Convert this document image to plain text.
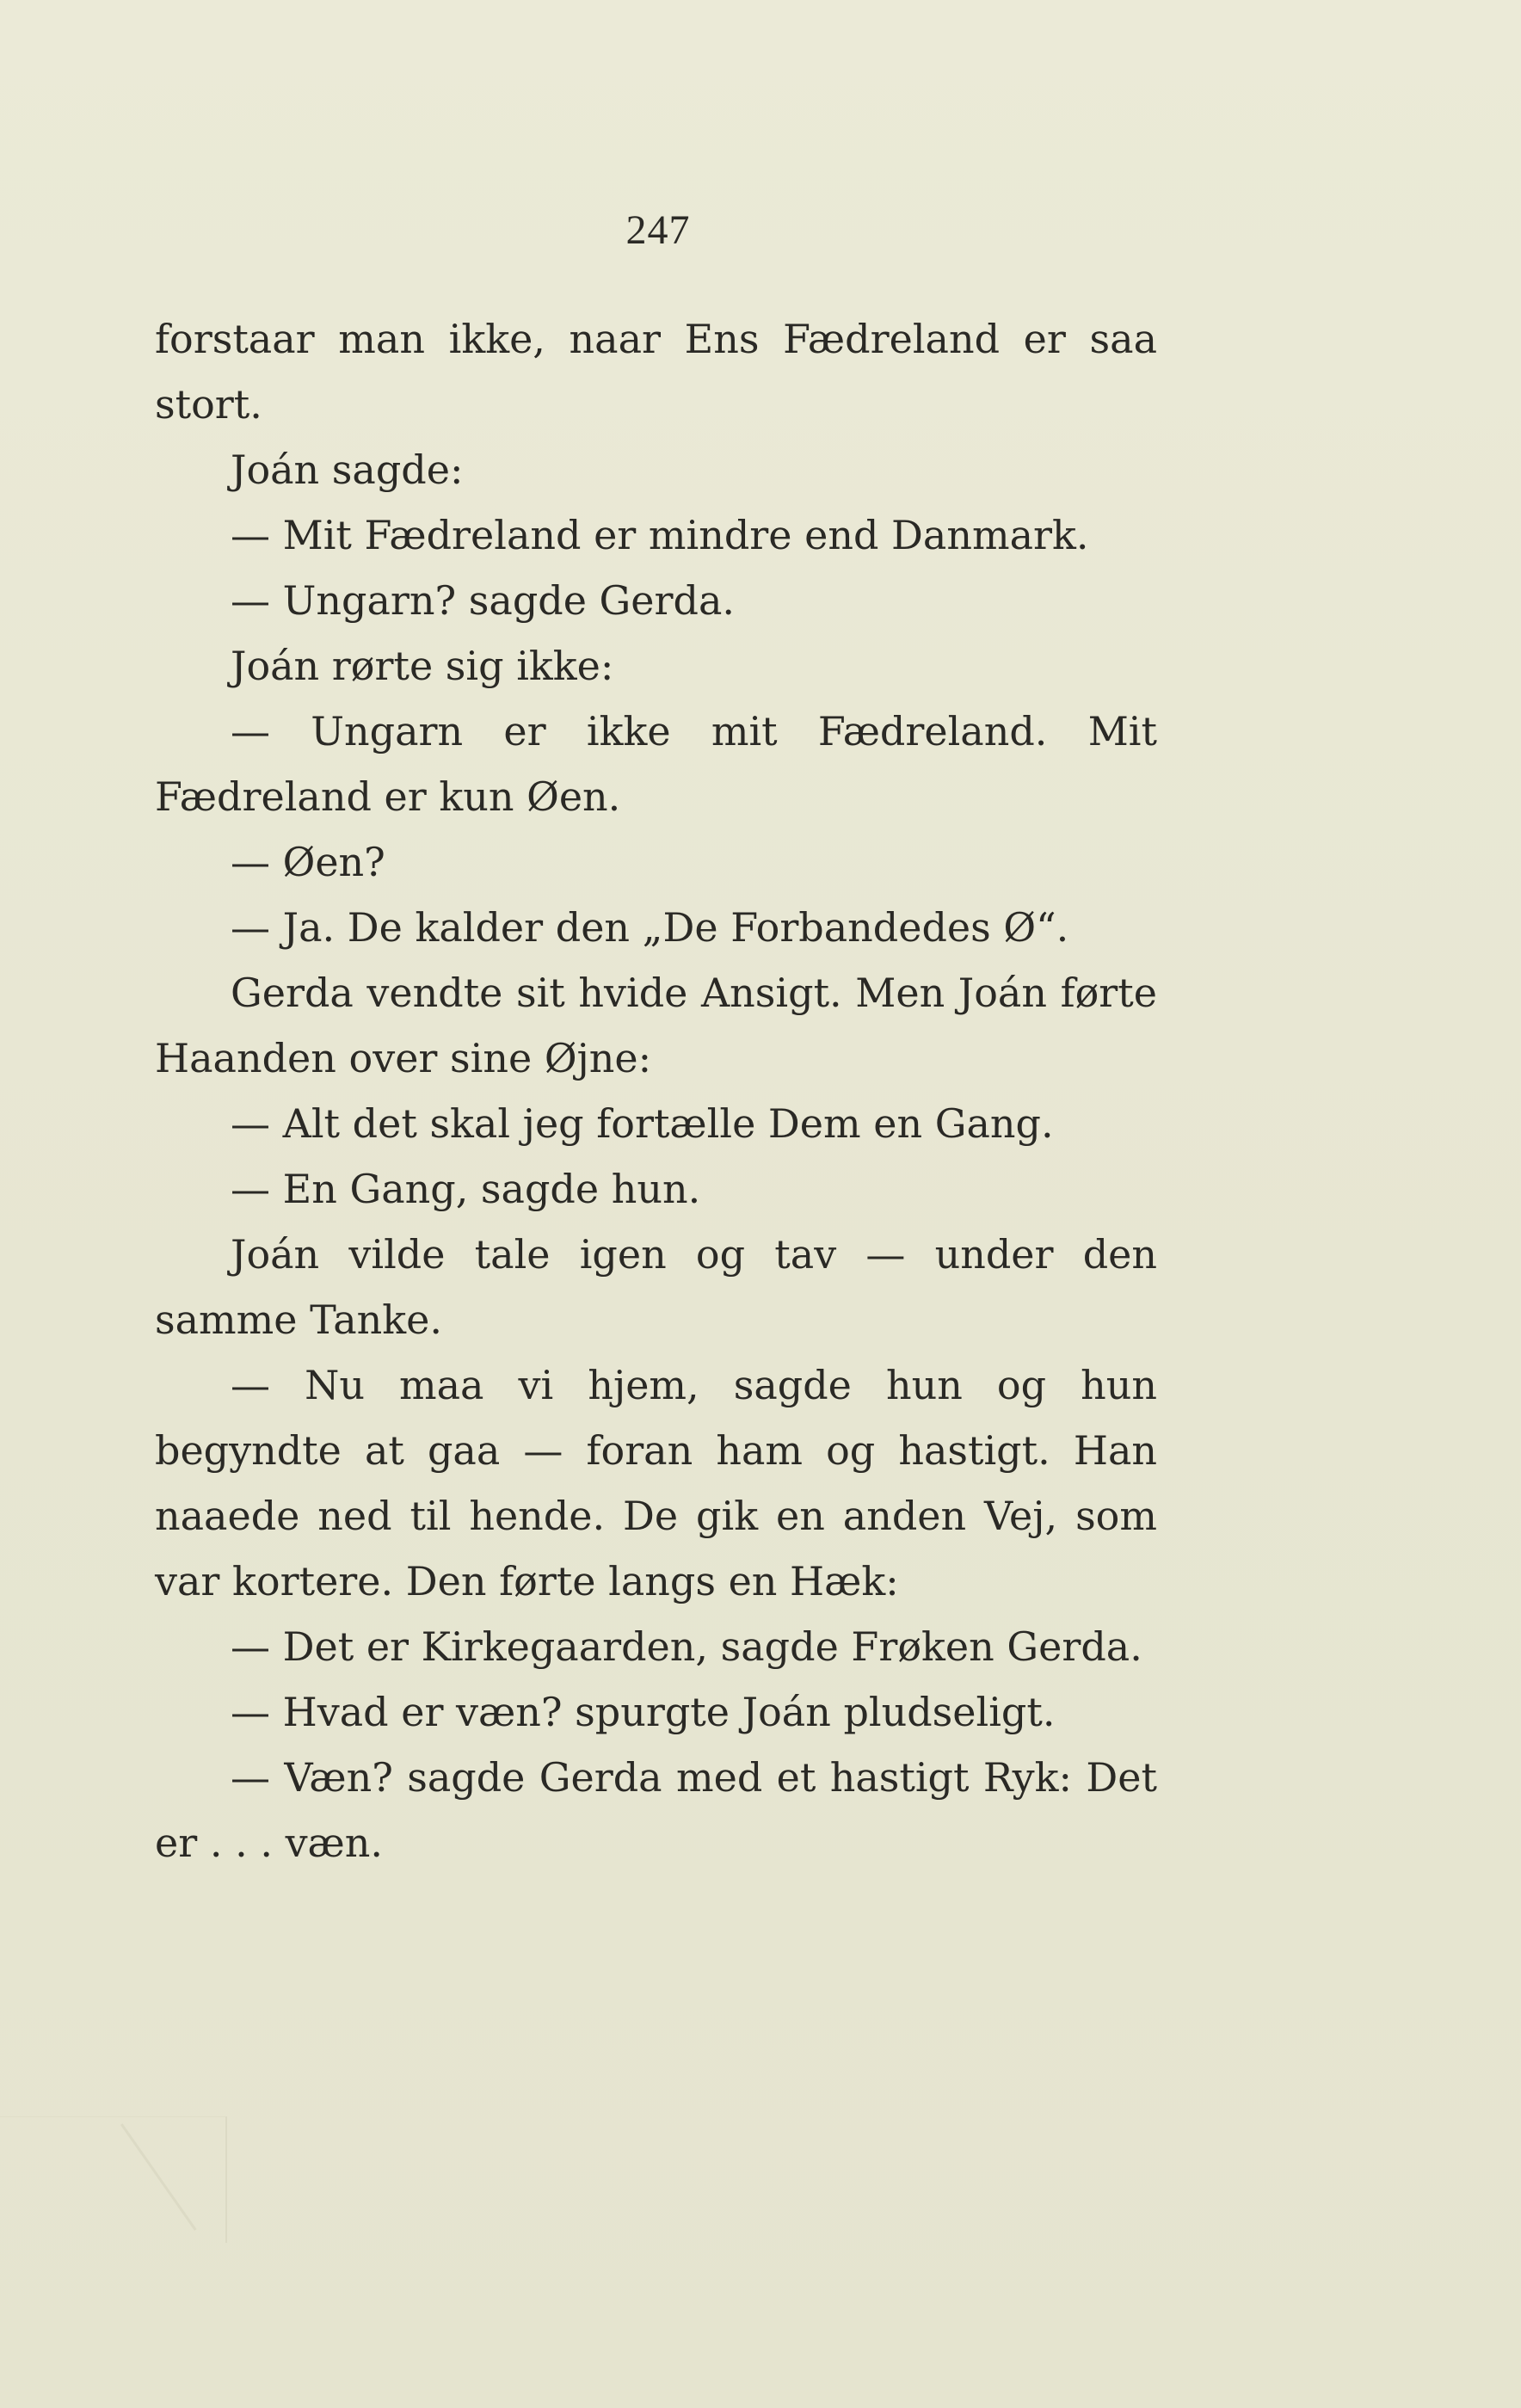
247

forstaar man ikke, naar Ens Fædreland er saa stort.

Joán sagde:

— Mit Fædreland er mindre end Danmark.

— Ungarn? sagde Gerda.

Joán rørte sig ikke:

— Ungarn er ikke mit Fædreland. Mit Fædreland er kun Øen.

— Øen?

— Ja. De kalder den „De Forbandedes Ø“.

Gerda vendte sit hvide Ansigt. Men Joán førte Haanden over sine Øjne:

— Alt det skal jeg fortælle Dem en Gang.

— En Gang, sagde hun.

Joán vilde tale igen og tav — under den samme Tanke.

— Nu maa vi hjem, sagde hun og hun begyndte at gaa — foran ham og hastigt. Han naaede ned til hende. De gik en anden Vej, som var kortere. Den førte langs en Hæk:

— Det er Kirkegaarden, sagde Frøken Gerda.

— Hvad er væn? spurgte Joán pludseligt.

— Væn? sagde Gerda med et hastigt Ryk: Det er . . . væn.
